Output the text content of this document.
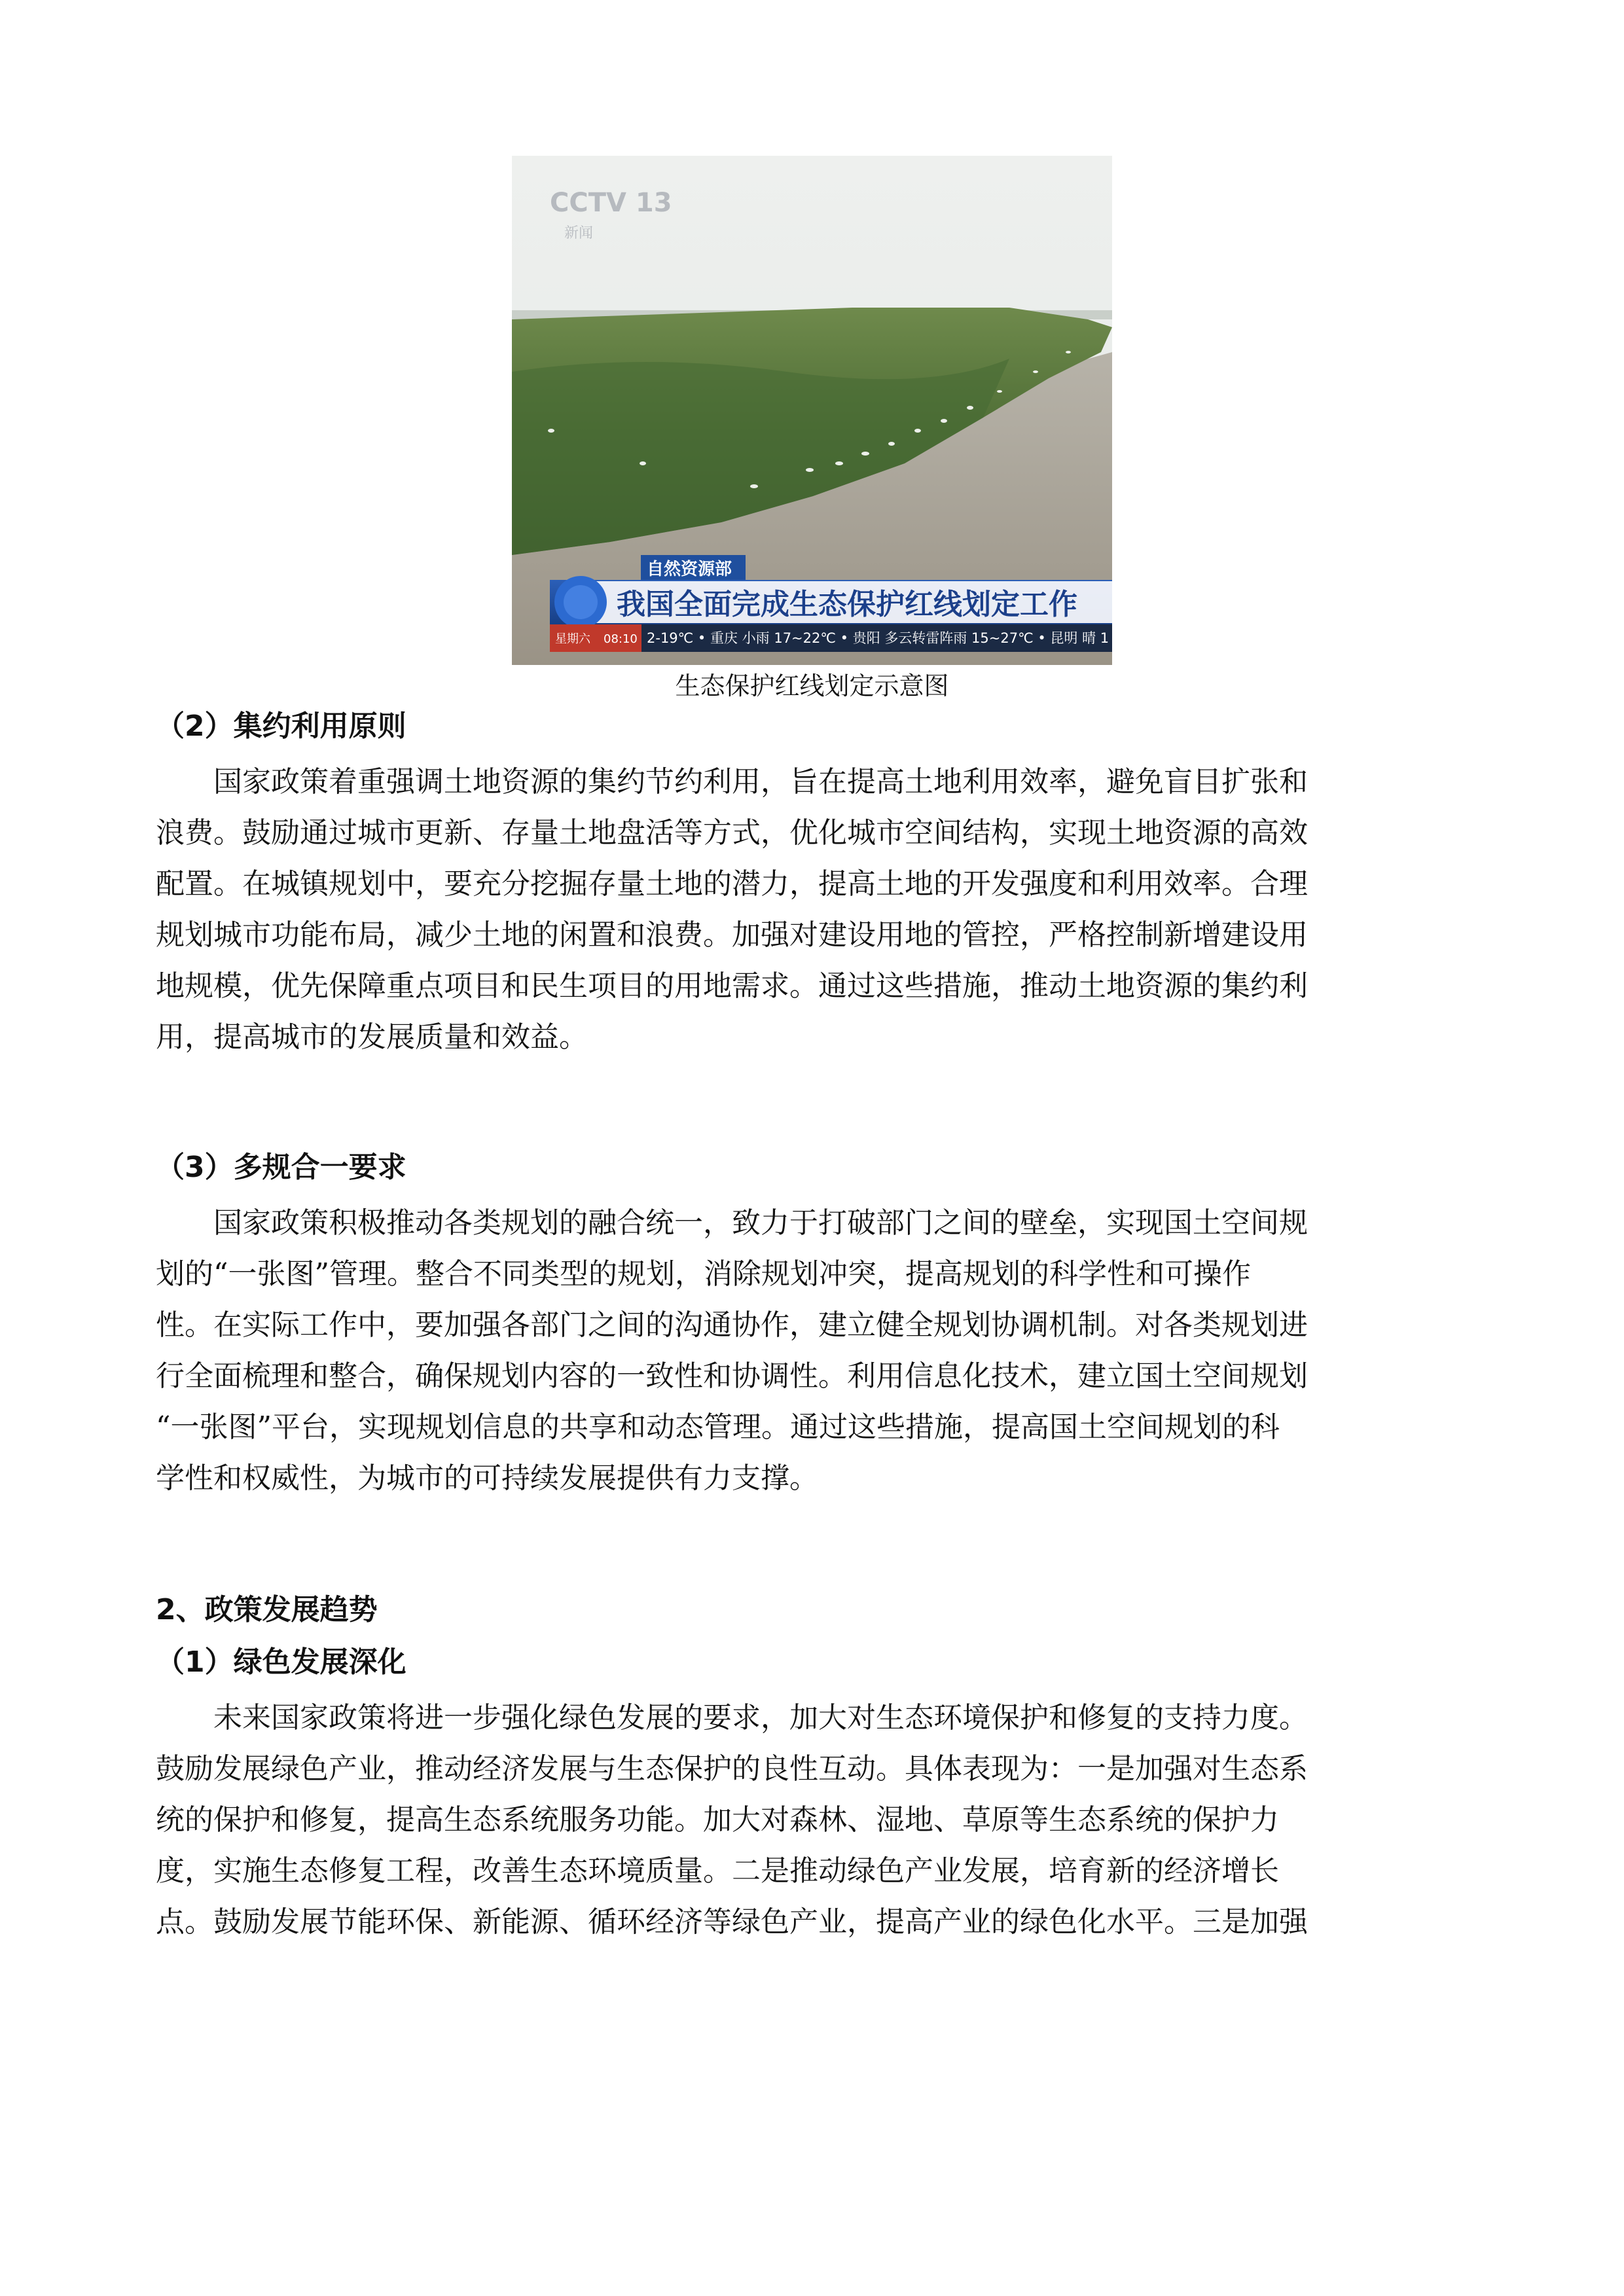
CCTV 13
新闻
自然资源部
我国全面完成生态保护红线划定工作
星期六 08:10 2-19℃ • 重庆 小雨 17~22℃ • 贵阳 多云转雷阵雨 15~27℃ • 昆明 晴 1
生态保护红线划定示意图
（2）集约利用原则
国家政策着重强调土地资源的集约节约利用，旨在提高土地利用效率，避免盲目扩张和
浪费。鼓励通过城市更新、存量土地盘活等方式，优化城市空间结构，实现土地资源的高效
配置。在城镇规划中，要充分挖掘存量土地的潜力，提高土地的开发强度和利用效率。合理
规划城市功能布局，减少土地的闲置和浪费。加强对建设用地的管控，严格控制新增建设用
地规模，优先保障重点项目和民生项目的用地需求。通过这些措施，推动土地资源的集约利
用，提高城市的发展质量和效益。
（3）多规合一要求
国家政策积极推动各类规划的融合统一，致力于打破部门之间的壁垒，实现国土空间规
划的“一张图”管理。整合不同类型的规划，消除规划冲突，提高规划的科学性和可操作
性。在实际工作中，要加强各部门之间的沟通协作，建立健全规划协调机制。对各类规划进
行全面梳理和整合，确保规划内容的一致性和协调性。利用信息化技术，建立国土空间规划
“一张图”平台，实现规划信息的共享和动态管理。通过这些措施，提高国土空间规划的科
学性和权威性，为城市的可持续发展提供有力支撑。
2、政策发展趋势
（1）绿色发展深化
未来国家政策将进一步强化绿色发展的要求，加大对生态环境保护和修复的支持力度。
鼓励发展绿色产业，推动经济发展与生态保护的良性互动。具体表现为：一是加强对生态系
统的保护和修复，提高生态系统服务功能。加大对森林、湿地、草原等生态系统的保护力
度，实施生态修复工程，改善生态环境质量。二是推动绿色产业发展，培育新的经济增长
点。鼓励发展节能环保、新能源、循环经济等绿色产业，提高产业的绿色化水平。三是加强
